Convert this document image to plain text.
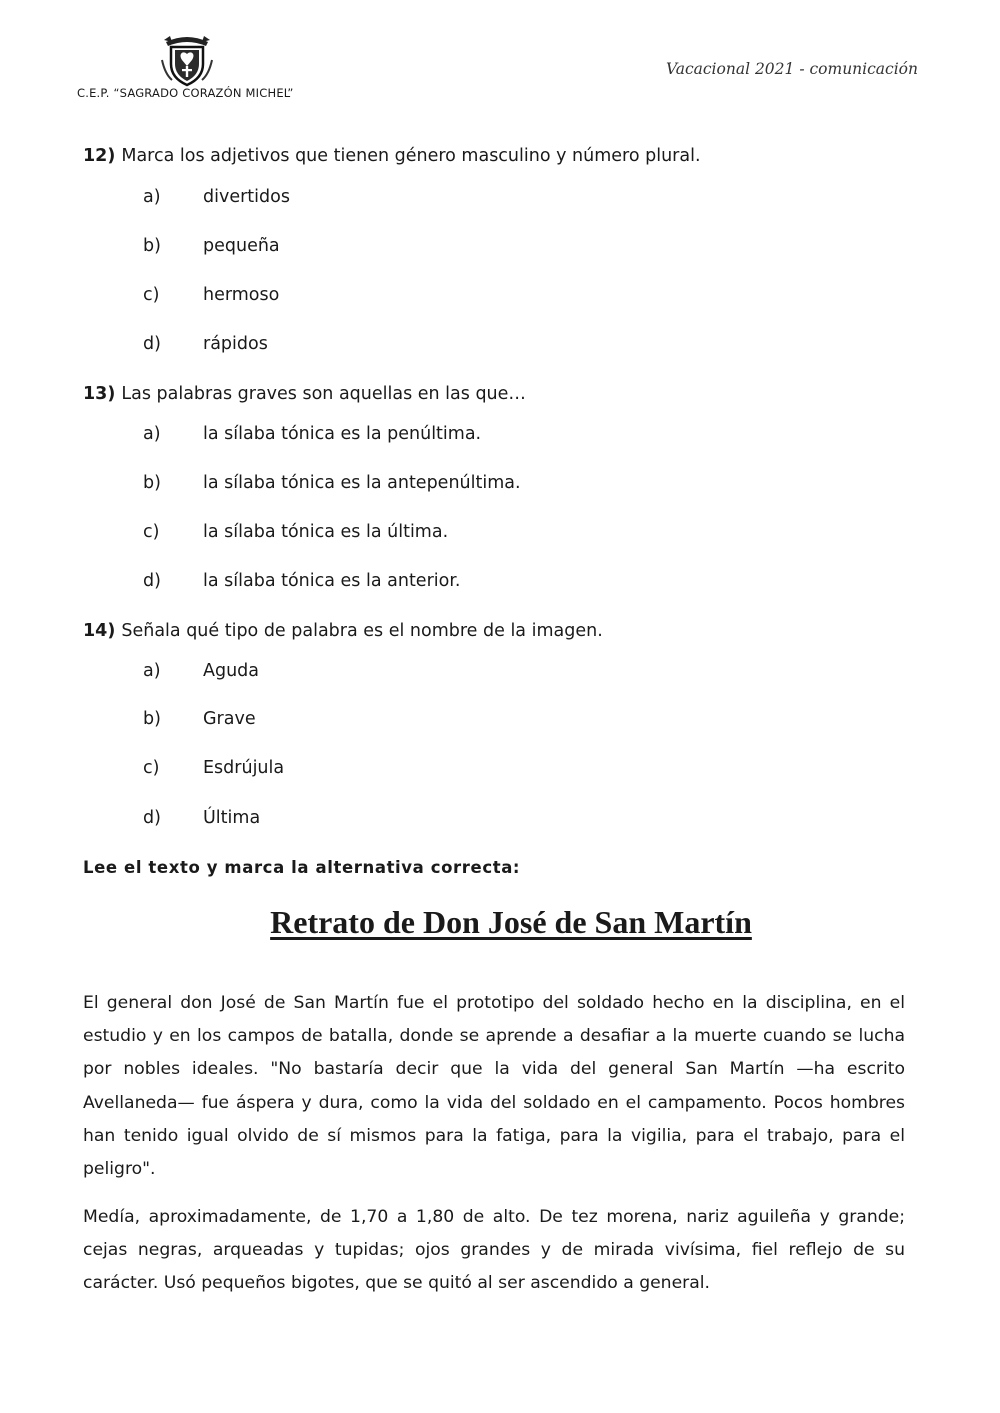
C.E.P. “SAGRADO CORAZÓN MICHEL”
Vacacional 2021 - comunicación
12) Marca los adjetivos que tienen género masculino y número plural.
a) divertidos
b) pequeña
c) hermoso
d) rápidos
13) Las palabras graves son aquellas en las que…
a) la sílaba tónica es la penúltima.
b) la sílaba tónica es la antepenúltima.
c) la sílaba tónica es la última.
d) la sílaba tónica es la anterior.
14) Señala qué tipo de palabra es el nombre de la imagen.
a) Aguda
b) Grave
c) Esdrújula
d) Última
Lee el texto y marca la alternativa correcta:
Retrato de Don José de San Martín

El general don José de San Martín fue el prototipo del soldado hecho en la disciplina, en el estudio y en los campos de batalla, donde se aprende a desafiar a la muerte cuando se lucha por nobles ideales. "No bastaría decir que la vida del general San Martín —ha escrito Avellaneda— fue áspera y dura, como la vida del soldado en el campamento. Pocos hombres han tenido igual olvido de sí mismos para la fatiga, para la vigilia, para el trabajo, para el peligro".

Medía, aproximadamente, de 1,70 a 1,80 de alto. De tez morena, nariz aguileña y grande; cejas negras, arqueadas y tupidas; ojos grandes y de mirada vivísima, fiel reflejo de su carácter. Usó pequeños bigotes, que se quitó al ser ascendido a general.
